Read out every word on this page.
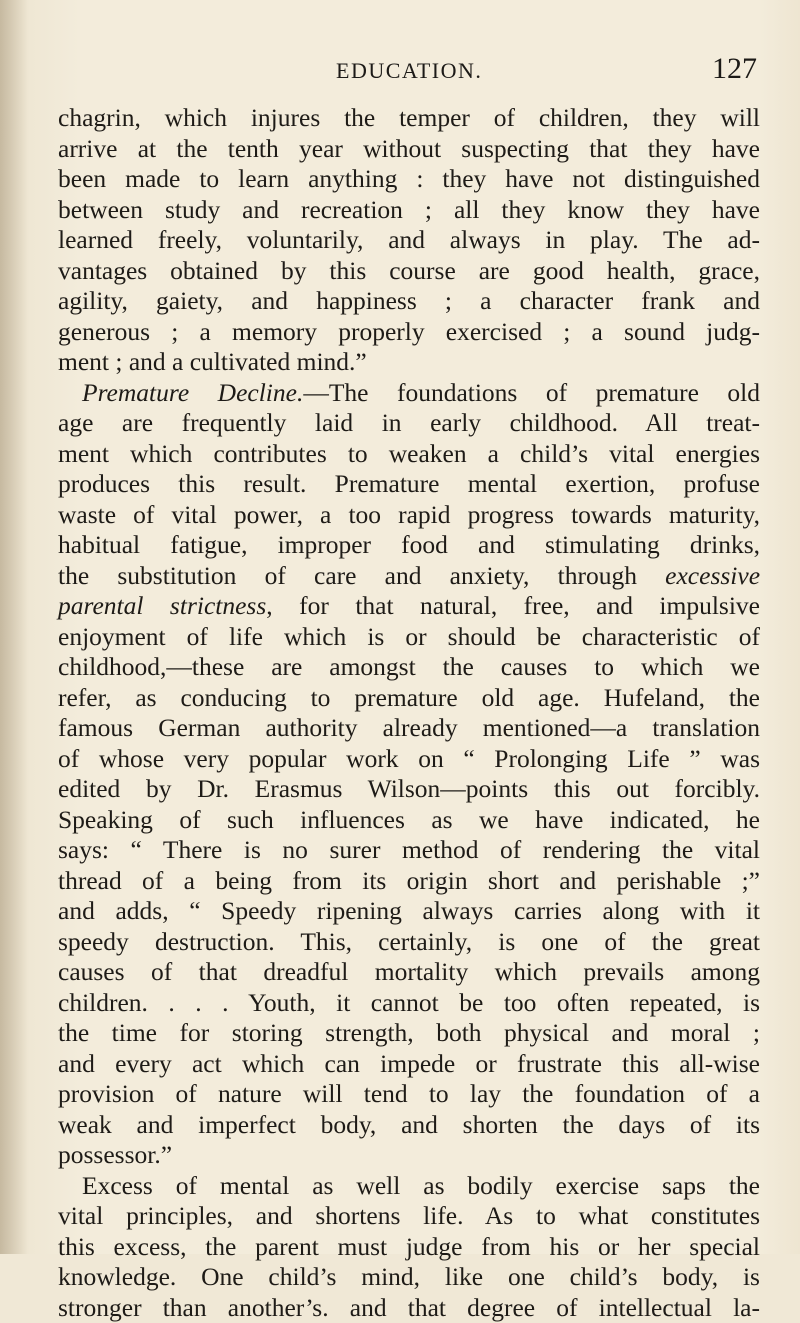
EDUCATION.	127
chagrin, which injures the temper of children, they will
arrive at the tenth year without suspecting that they have
been made to learn anything : they have not distinguished
between study and recreation ; all they know they have
learned freely, voluntarily, and always in play. The ad-
vantages obtained by this course are good health, grace,
agility, gaiety, and happiness ; a character frank and
generous ; a memory properly exercised ; a sound judg-
ment ; and a cultivated mind.”
Premature Decline.—The foundations of premature old
age are frequently laid in early childhood. All treat-
ment which contributes to weaken a child’s vital energies
produces this result. Premature mental exertion, profuse
waste of vital power, a too rapid progress towards maturity,
habitual fatigue, improper food and stimulating drinks,
the substitution of care and anxiety, through excessive
parental strictness, for that natural, free, and impulsive
enjoyment of life which is or should be characteristic of
childhood,—these are amongst the causes to which we
refer, as conducing to premature old age. Hufeland, the
famous German authority already mentioned—a translation
of whose very popular work on “ Prolonging Life ” was
edited by Dr. Erasmus Wilson—points this out forcibly.
Speaking of such influences as we have indicated, he
says: “ There is no surer method of rendering the vital
thread of a being from its origin short and perishable ;”
and adds, “ Speedy ripening always carries along with it
speedy destruction. This, certainly, is one of the great
causes of that dreadful mortality which prevails among
children. . . . Youth, it cannot be too often repeated, is
the time for storing strength, both physical and moral ;
and every act which can impede or frustrate this all-wise
provision of nature will tend to lay the foundation of a
weak and imperfect body, and shorten the days of its
possessor.”
Excess of mental as well as bodily exercise saps the
vital principles, and shortens life. As to what constitutes
this excess, the parent must judge from his or her special
knowledge. One child’s mind, like one child’s body, is
stronger than another’s. and that degree of intellectual la-
